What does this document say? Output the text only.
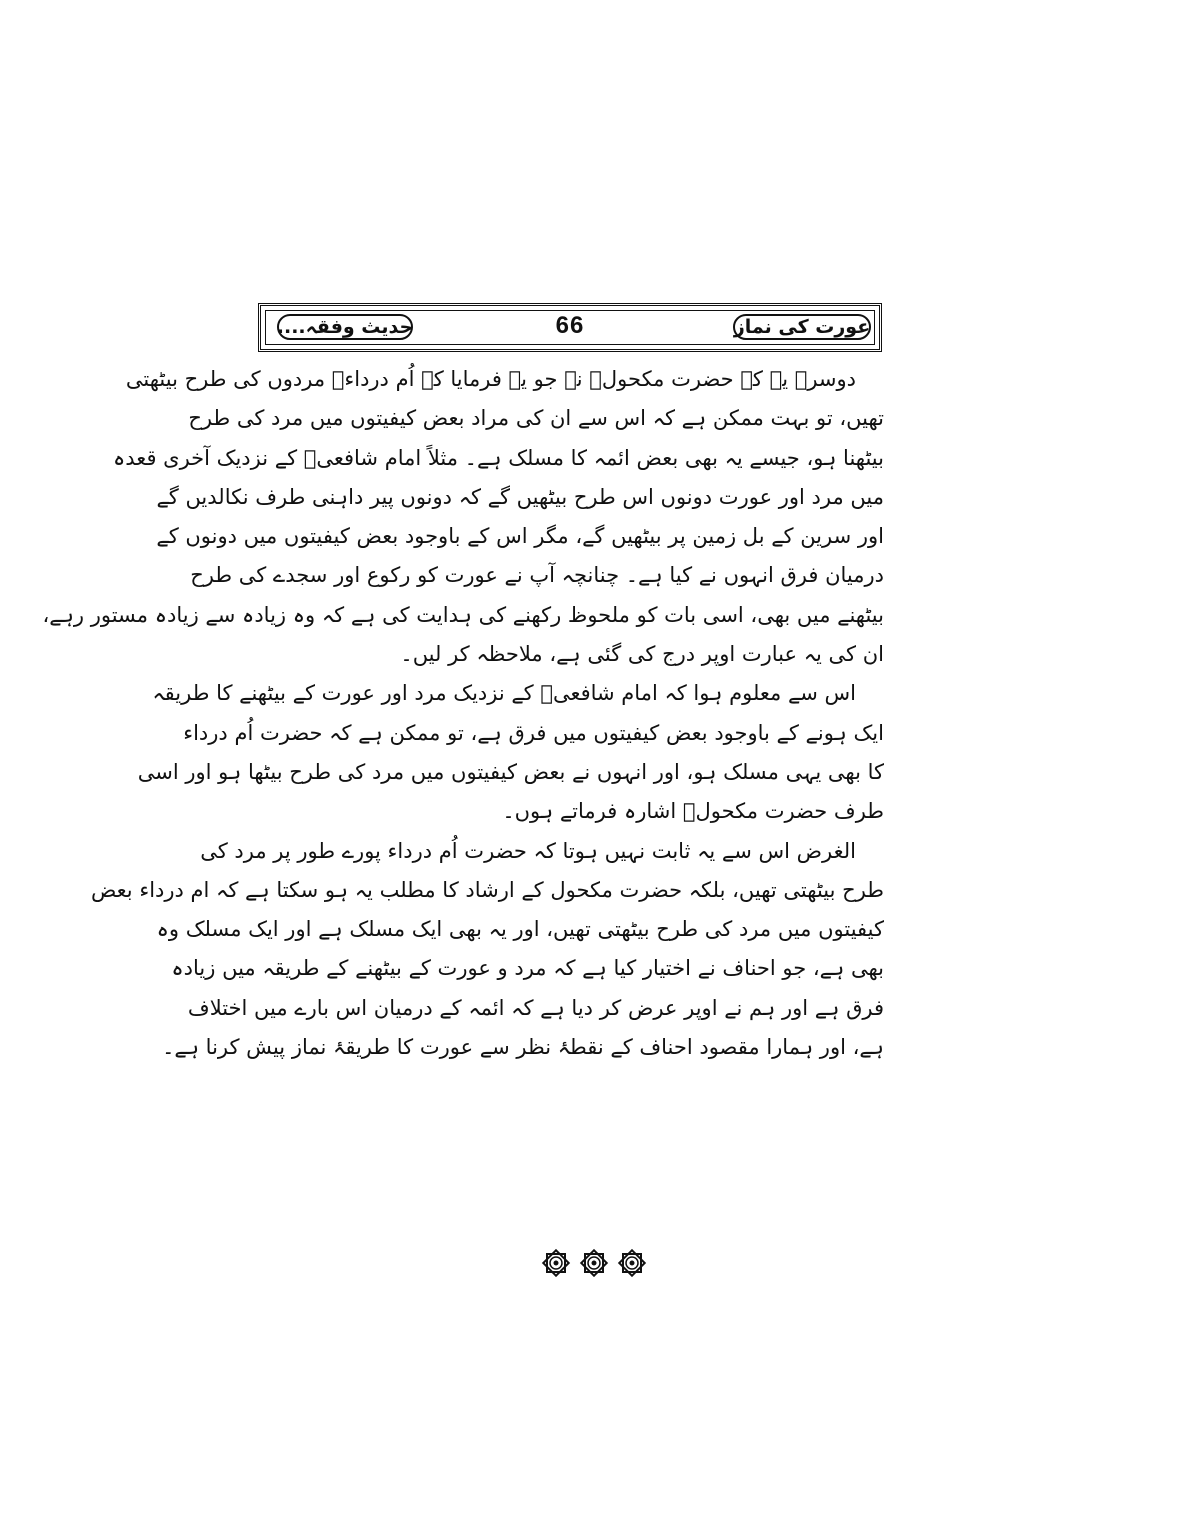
عورت کی نماز
66
حدیث وفقہ....
دوسرے یہ کہ حضرت مکحولؒ نے جو یہ فرمایا کہ اُم درداءؒ مردوں کی طرح بیٹھتی
تھیں، تو بہت ممکن ہے کہ اس سے ان کی مراد بعض کیفیتوں میں مرد کی طرح
بیٹھنا ہو، جیسے یہ بھی بعض ائمہ کا مسلک ہے۔ مثلاً امام شافعیؒ کے نزدیک آخری قعدہ
میں مرد اور عورت دونوں اس طرح بیٹھیں گے کہ دونوں پیر داہنی طرف نکالدیں گے
اور سرین کے بل زمین پر بیٹھیں گے، مگر اس کے باوجود بعض کیفیتوں میں دونوں کے
درمیان فرق انہوں نے کیا ہے۔ چنانچہ آپ نے عورت کو رکوع اور سجدے کی طرح
بیٹھنے میں بھی، اسی بات کو ملحوظ رکھنے کی ہدایت کی ہے کہ وہ زیادہ سے زیادہ مستور رہے،
ان کی یہ عبارت اوپر درج کی گئی ہے، ملاحظہ کر لیں۔
اس سے معلوم ہوا کہ امام شافعیؒ کے نزدیک مرد اور عورت کے بیٹھنے کا طریقہ
ایک ہونے کے باوجود بعض کیفیتوں میں فرق ہے، تو ممکن ہے کہ حضرت اُم درداء
کا بھی یہی مسلک ہو، اور انہوں نے بعض کیفیتوں میں مرد کی طرح بیٹھا ہو اور اسی
طرف حضرت مکحولؒ اشارہ فرماتے ہوں۔
الغرض اس سے یہ ثابت نہیں ہوتا کہ حضرت اُم درداء پورے طور پر مرد کی
طرح بیٹھتی تھیں، بلکہ حضرت مکحول کے ارشاد کا مطلب یہ ہو سکتا ہے کہ ام درداء بعض
کیفیتوں میں مرد کی طرح بیٹھتی تھیں، اور یہ بھی ایک مسلک ہے اور ایک مسلک وہ
بھی ہے، جو احناف نے اختیار کیا ہے کہ مرد و عورت کے بیٹھنے کے طریقہ میں زیادہ
فرق ہے اور ہم نے اوپر عرض کر دیا ہے کہ ائمہ کے درمیان اس بارے میں اختلاف
ہے، اور ہمارا مقصود احناف کے نقطۂ نظر سے عورت کا طریقۂ نماز پیش کرنا ہے۔
